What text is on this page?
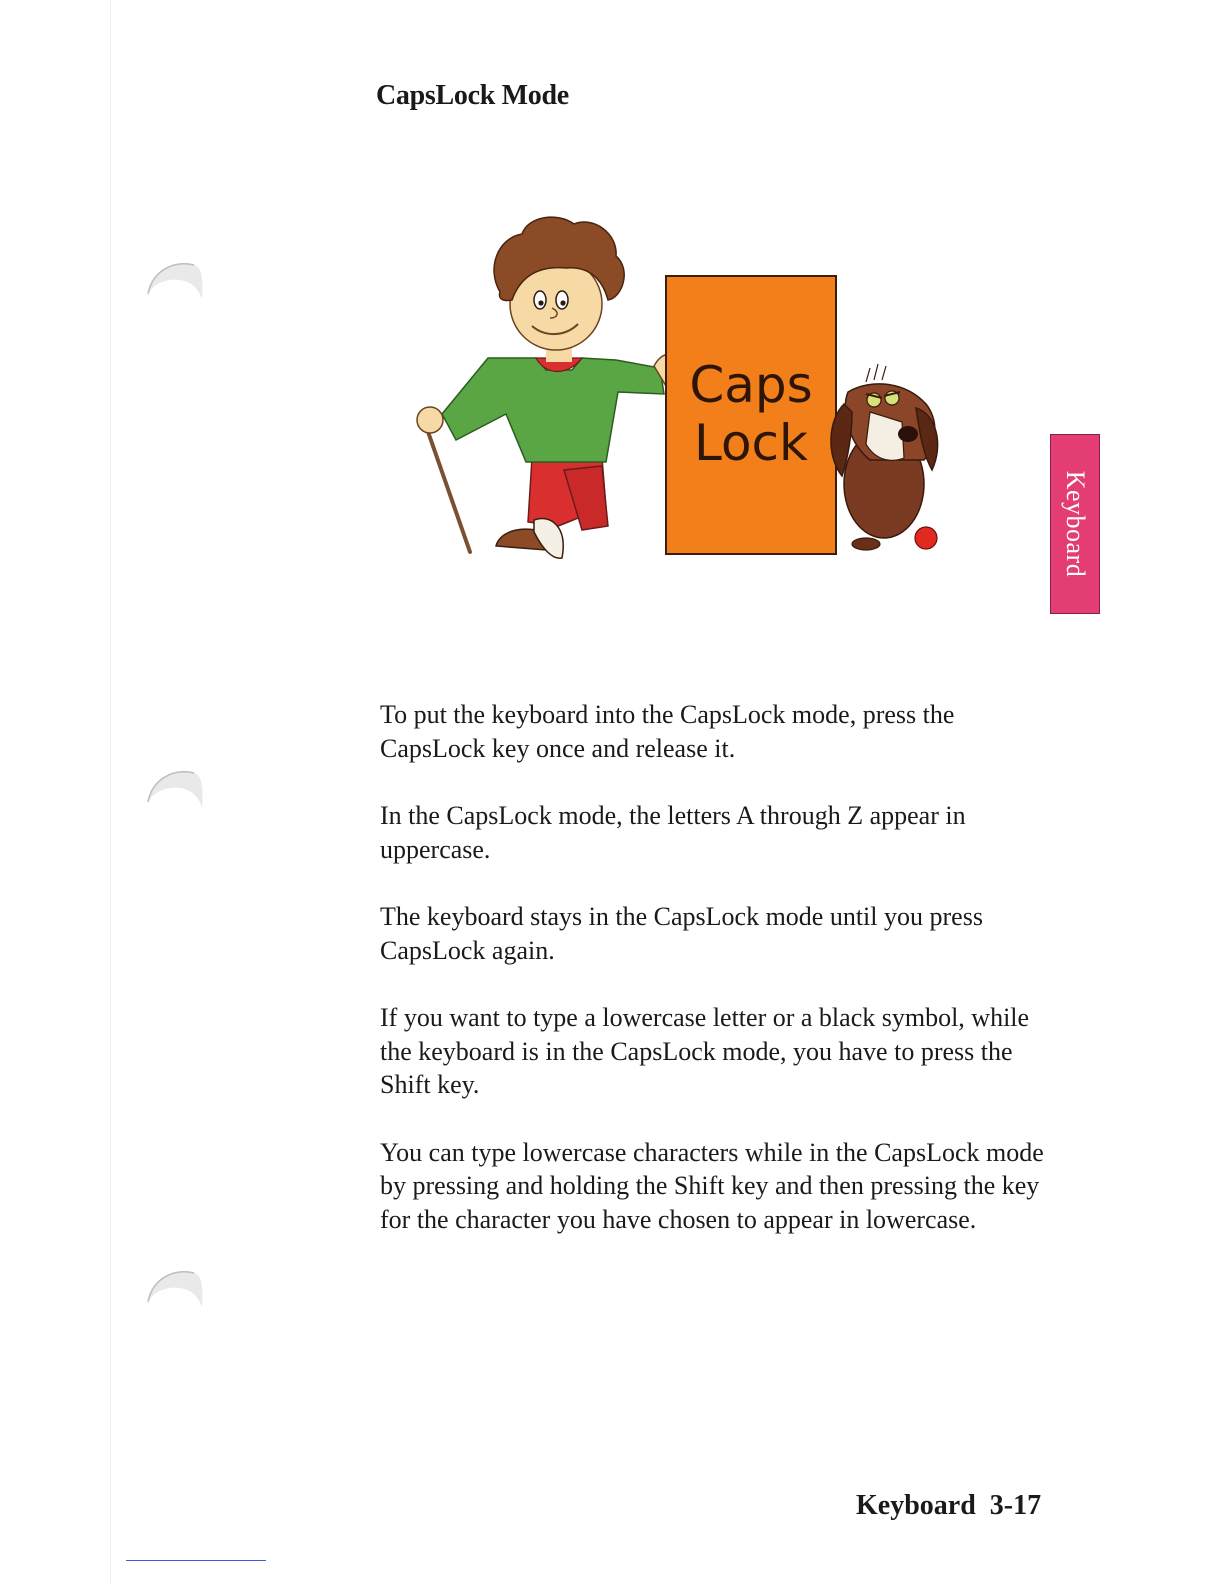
CapsLock Mode
Caps
Lock
Keyboard

To put the keyboard into the CapsLock mode, press the CapsLock key once and release it.

In the CapsLock mode, the letters A through Z appear in uppercase.

The keyboard stays in the CapsLock mode until you press CapsLock again.

If you want to type a lowercase letter or a black symbol, while the keyboard is in the CapsLock mode, you have to press the Shift key.

You can type lowercase characters while in the CapsLock mode by pressing and holding the Shift key and then pressing the key for the character you have chosen to appear in lowercase.

Keyboard 3-17
